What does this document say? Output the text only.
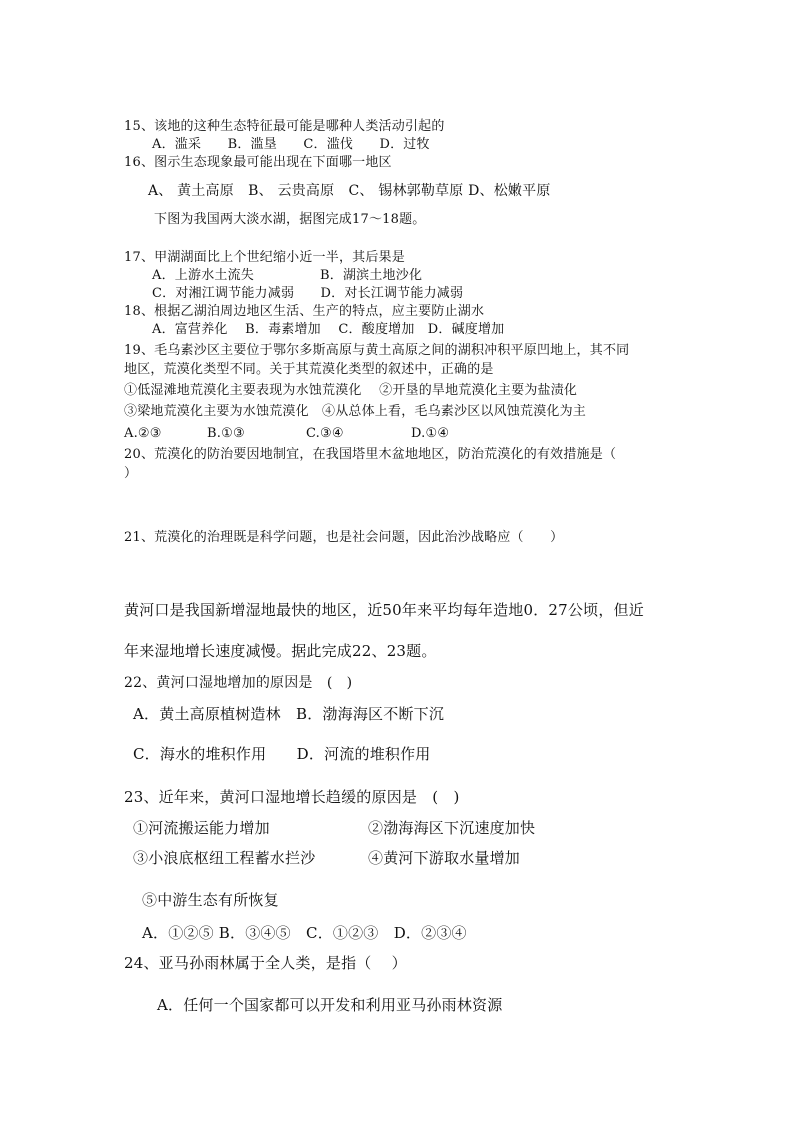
15、该地的这种生态特征最可能是哪种人类活动引起的
A．滥采　　B．滥垦　　C．滥伐　　D．过牧
16、图示生态现象最可能出现在下面哪一地区
A、 黄土高原　B、 云贵高原　C、 锡林郭勒草原 D、松嫩平原
下图为我国两大淡水湖，据图完成17～18题。
17、甲湖湖面比上个世纪缩小近一半，其后果是
A．上游水土流失　　　　　B．湖滨土地沙化
C．对湘江调节能力减弱　　D．对长江调节能力减弱
18、根据乙湖泊周边地区生活、生产的特点，应主要防止湖水
A．富营养化　 B．毒素增加　 C．酸度增加　D．碱度增加
19、毛乌素沙区主要位于鄂尔多斯高原与黄土高原之间的湖积冲积平原凹地上，其不同
地区，荒漠化类型不同。关于其荒漠化类型的叙述中，正确的是
①低湿滩地荒漠化主要表现为水蚀荒漠化　 ②开垦的旱地荒漠化主要为盐渍化
③梁地荒漠化主要为水蚀荒漠化　④从总体上看，毛乌素沙区以风蚀荒漠化为主
A.②③	B.①③	C.③④	D.①④
20、荒漠化的防治要因地制宜，在我国塔里木盆地地区，防治荒漠化的有效措施是（
）
21、荒漠化的治理既是科学问题，也是社会问题，因此治沙战略应（　　）
黄河口是我国新增湿地最快的地区，近50年来平均每年造地0．27公顷，但近
年来湿地增长速度减慢。据此完成22、23题。
22、黄河口湿地增加的原因是　(　)
A．黄土高原植树造林　B．渤海海区不断下沉
C．海水的堆积作用　　D．河流的堆积作用
23、近年来，黄河口湿地增长趋缓的原因是　(　)
①河流搬运能力增加	②渤海海区下沉速度加快
③小浪底枢纽工程蓄水拦沙	④黄河下游取水量增加
⑤中游生态有所恢复
A．①②⑤ B．③④⑤　C．①②③　D．②③④
24、亚马孙雨林属于全人类，是指（　 ）
A．任何一个国家都可以开发和利用亚马孙雨林资源
